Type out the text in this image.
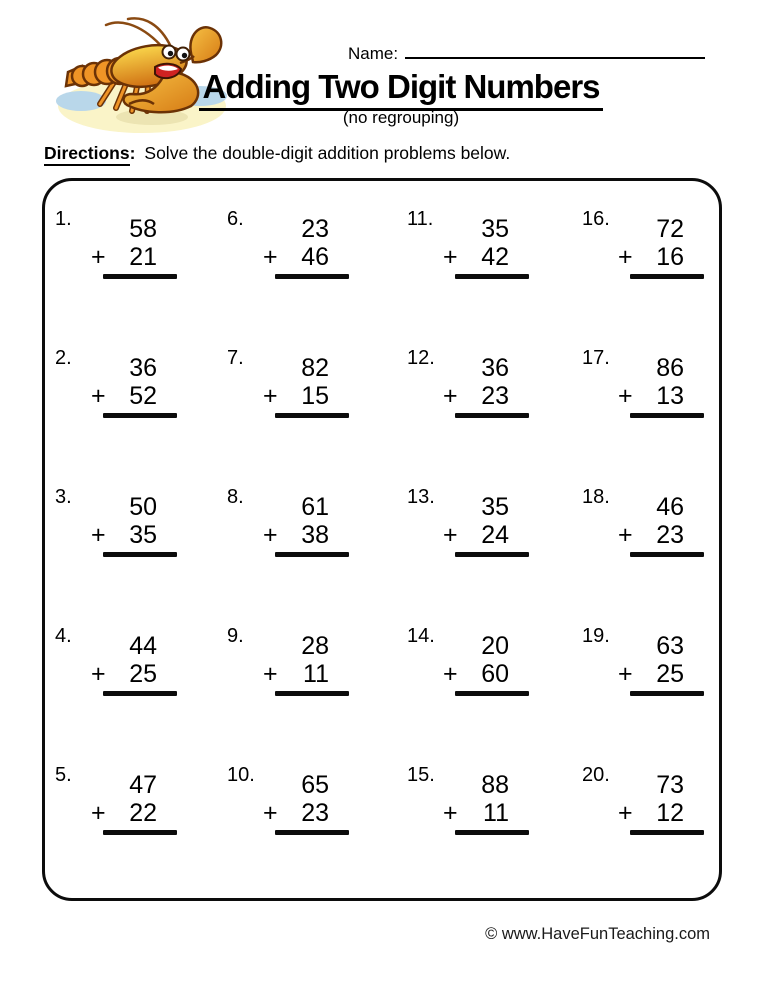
Name:
Adding Two Digit Numbers
(no regrouping)
Directions: Solve the double-digit addition problems below.
1.	58
+ 21
2.	36
+ 52
3.	50
+ 35
4.	44
+ 25
5.	47
+ 22
6.	23
+ 46
7.	82
+ 15
8.	61
+ 38
9.	28
+ 11
10.	65
+ 23
11.	35
+ 42
12.	36
+ 23
13.	35
+ 24
14.	20
+ 60
15.	88
+ 11
16.	72
+ 16
17.	86
+ 13
18.	46
+ 23
19.	63
+ 25
20.	73
+ 12
© www.HaveFunTeaching.com
